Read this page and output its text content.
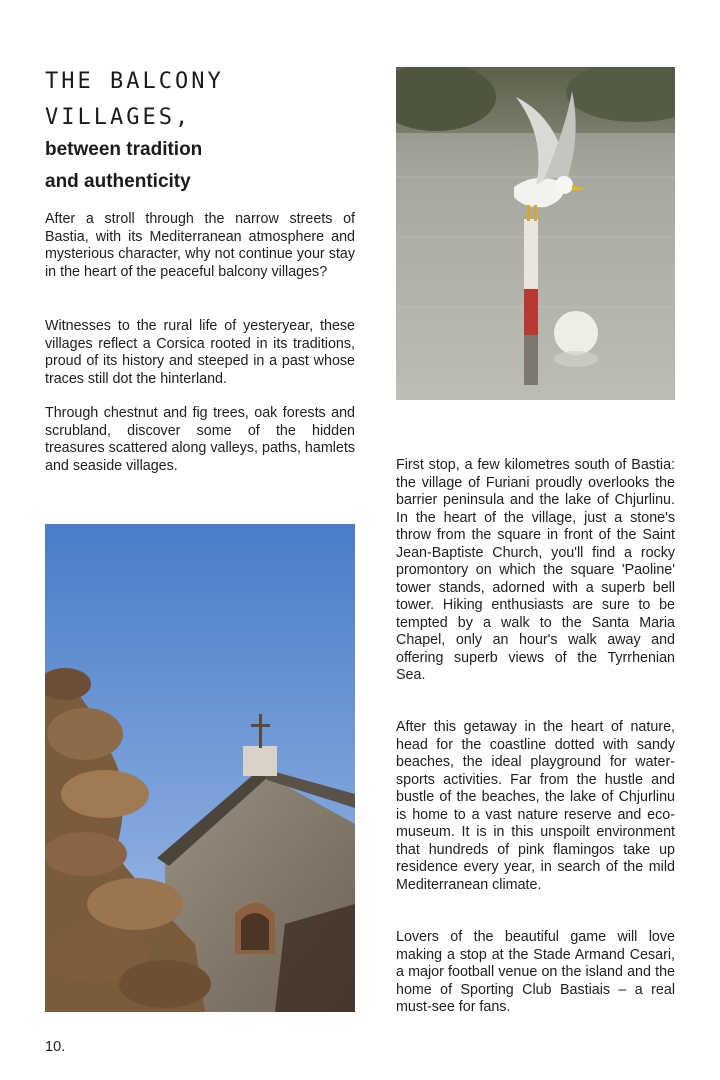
THE BALCONY
VILLAGES,
between tradition
and authenticity

After a stroll through the narrow streets of Bastia, with its Mediterranean atmosphere and mysterious character, why not continue your stay in the heart of the peaceful balcony villages?

Witnesses to the rural life of yesteryear, these villages reflect a Corsica rooted in its traditions, proud of its history and steeped in a past whose traces still dot the hinterland.

Through chestnut and fig trees, oak forests and scrubland, discover some of the hidden treasures scattered along valleys, paths, hamlets and seaside villages.	First stop, a few kilometres south of Bastia: the village of Furiani proudly overlooks the barrier peninsula and the lake of Chjurlinu. In the heart of the village, just a stone's throw from the square in front of the Saint Jean-Baptiste Church, you'll find a rocky promontory on which the square 'Paoline' tower stands, adorned with a superb bell tower. Hiking enthusiasts are sure to be tempted by a walk to the Santa Maria Chapel, only an hour's walk away and offering superb views of the Tyrrhenian Sea.

After this getaway in the heart of nature, head for the coastline dotted with sandy beaches, the ideal playground for water-sports activities. Far from the hustle and bustle of the beaches, the lake of Chjurlinu is home to a vast nature reserve and eco-museum. It is in this unspoilt environment that hundreds of pink flamingos take up residence every year, in search of the mild Mediterranean climate.

Lovers of the beautiful game will love making a stop at the Stade Armand Cesari, a major football venue on the island and the home of Sporting Club Bastiais – a real must-see for fans.

10.
